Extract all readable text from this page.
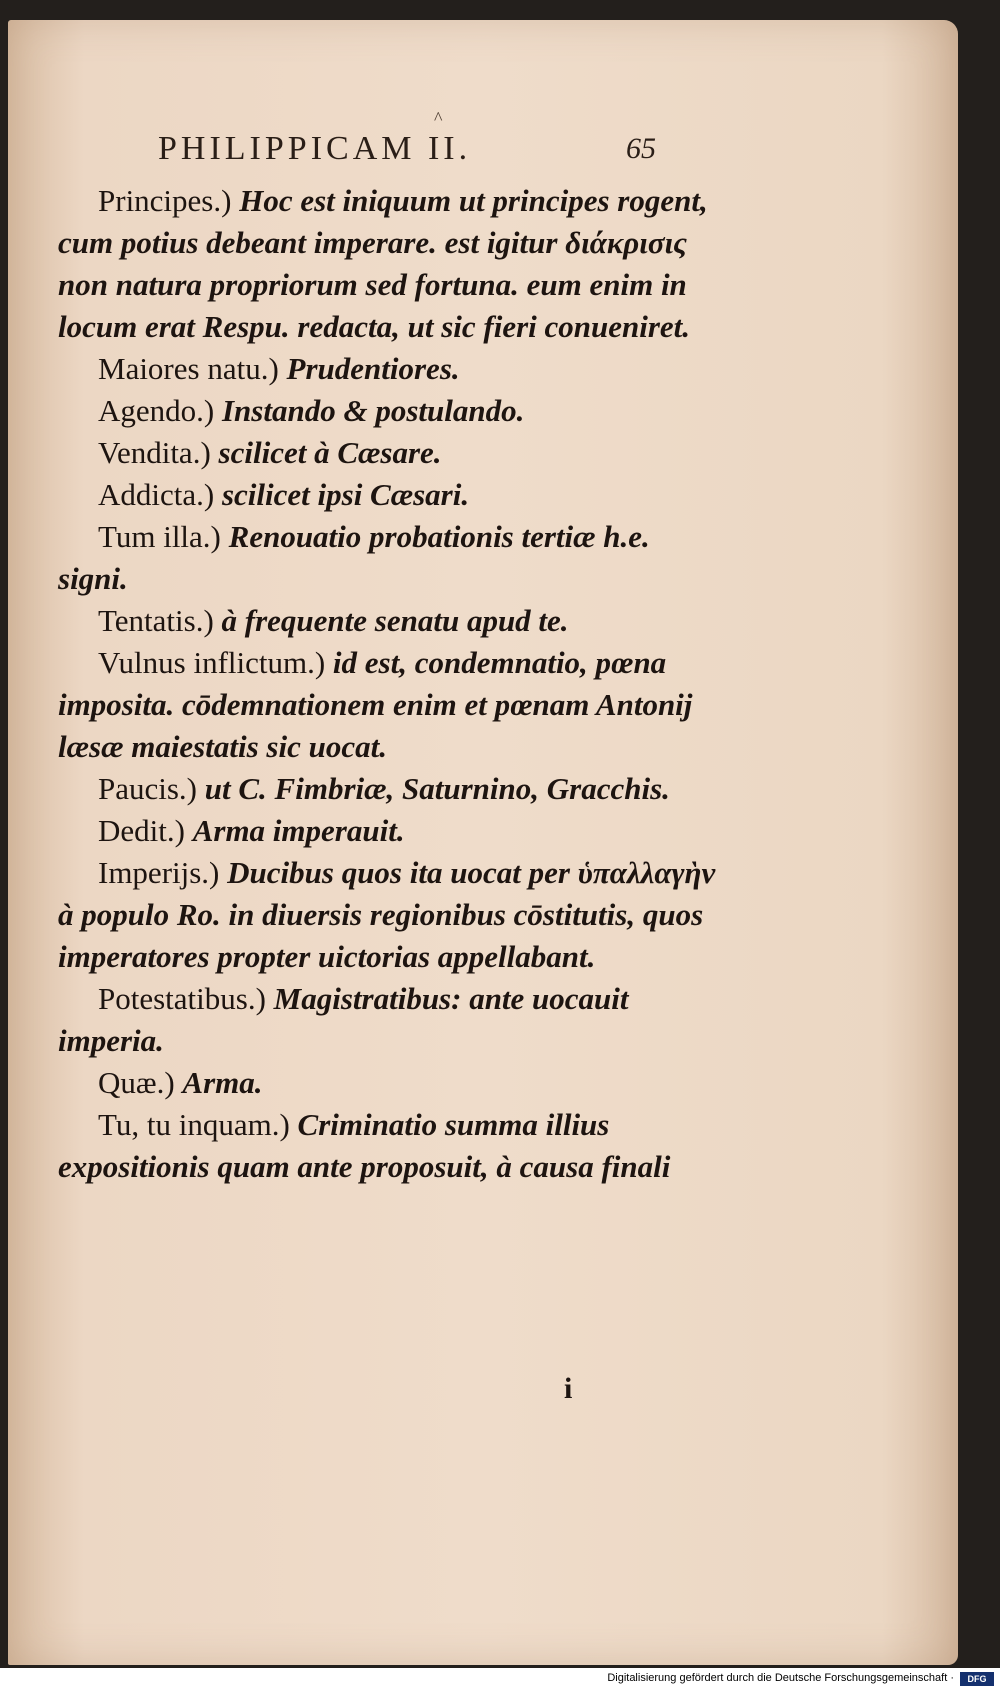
^
PHILIPPICAM II.	65

Principes.) Hoc est iniquum ut principes rogent, cum potius debeant imperare. est igitur διάκρισις non natura propriorum sed fortuna. eum enim in locum erat Respu. redacta, ut sic fieri conueniret.

Maiores natu.) Prudentiores.

Agendo.) Instando & postulando.

Vendita.) scilicet à Cæsare.

Addicta.) scilicet ipsi Cæsari.

Tum illa.) Renouatio probationis tertiæ h.e. signi.

Tentatis.) à frequente senatu apud te.

Vulnus inflictum.) id est, condemnatio, pœna imposita. cōdemnationem enim et pœnam Antonij læsæ maiestatis sic uocat.

Paucis.) ut C. Fimbriæ, Saturnino, Gracchis.

Dedit.) Arma imperauit.

Imperijs.) Ducibus quos ita uocat per ὑπαλλαγὴν à populo Ro. in diuersis regionibus cōstitutis, quos imperatores propter uictorias appellabant.

Potestatibus.) Magistratibus: ante uocauit imperia.

Quæ.) Arma.

Tu, tu inquam.) Criminatio summa illius expositionis quam ante proposuit, à causa finali

i
Digitalisierung gefördert durch die Deutsche Forschungsgemeinschaft ·	DFG
